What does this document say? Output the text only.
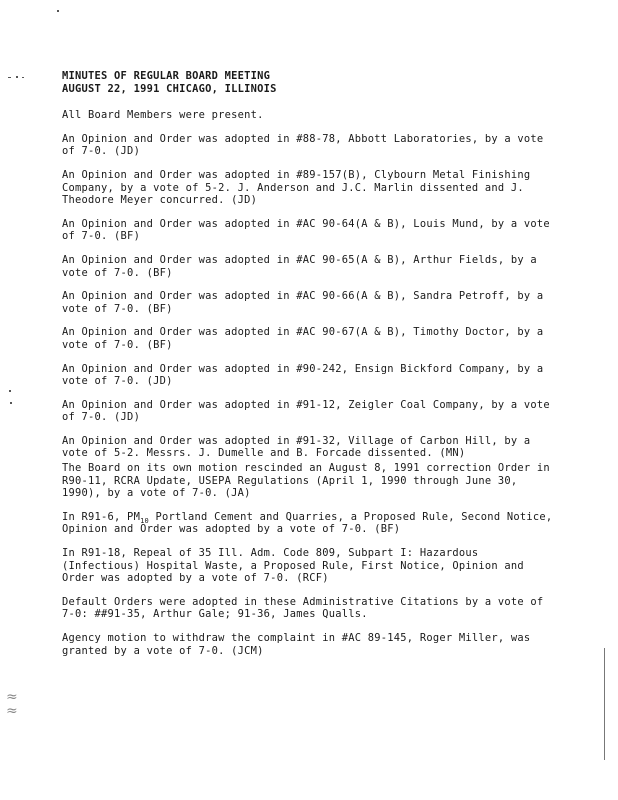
≈
≈
MINUTES OF REGULAR BOARD MEETING
AUGUST 22, 1991 CHICAGO, ILLINOIS

All Board Members were present.

An Opinion and Order was adopted in #88-78, Abbott Laboratories, by a vote of 7-0. (JD)

An Opinion and Order was adopted in #89-157(B), Clybourn Metal Finishing Company, by a vote of 5-2. J. Anderson and J.C. Marlin dissented and J. Theodore Meyer concurred. (JD)

An Opinion and Order was adopted in #AC 90-64(A & B), Louis Mund, by a vote of 7-0. (BF)

An Opinion and Order was adopted in #AC 90-65(A & B), Arthur Fields, by a vote of 7-0. (BF)

An Opinion and Order was adopted in #AC 90-66(A & B), Sandra Petroff, by a vote of 7-0. (BF)

An Opinion and Order was adopted in #AC 90-67(A & B), Timothy Doctor, by a vote of 7-0. (BF)

An Opinion and Order was adopted in #90-242, Ensign Bickford Company, by a vote of 7-0. (JD)

An Opinion and Order was adopted in #91-12, Zeigler Coal Company, by a vote of 7-0. (JD)

An Opinion and Order was adopted in #91-32, Village of Carbon Hill, by a vote of 5-2. Messrs. J. Dumelle and B. Forcade dissented. (MN)

The Board on its own motion rescinded an August 8, 1991 correction Order in R90-11, RCRA Update, USEPA Regulations (April 1, 1990 through June 30, 1990), by a vote of 7-0. (JA)

In R91-6, $PM_{10}$ Portland Cement and Quarries, a Proposed Rule, Second Notice, Opinion and Order was adopted by a vote of 7-0. (BF)

In R91-18, Repeal of 35 Ill. Adm. Code 809, Subpart I: Hazardous (Infectious) Hospital Waste, a Proposed Rule, First Notice, Opinion and Order was adopted by a vote of 7-0. (RCF)

Default Orders were adopted in these Administrative Citations by a vote of 7-0: ##91-35, Arthur Gale; 91-36, James Qualls.

Agency motion to withdraw the complaint in #AC 89-145, Roger Miller, was granted by a vote of 7-0. (JCM)
